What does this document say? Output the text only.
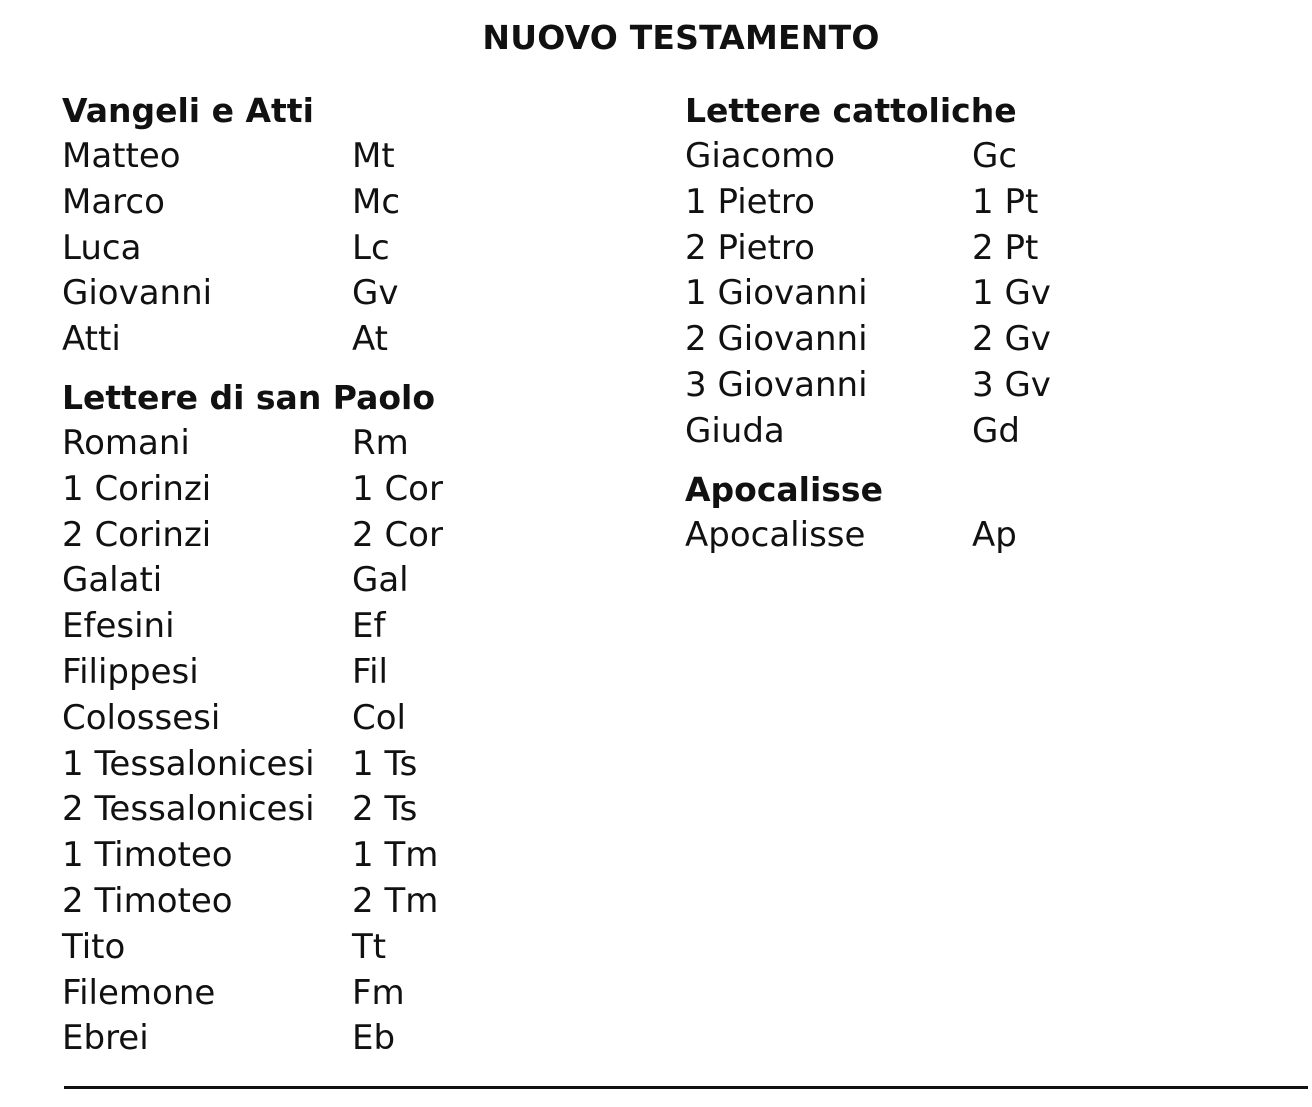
NUOVO TESTAMENTO
Vangeli e Atti
Matteo	Mt
Marco	Mc
Luca	Lc
Giovanni	Gv
Atti	At
Lettere di san Paolo
Romani	Rm
1 Corinzi	1 Cor
2 Corinzi	2 Cor
Galati	Gal
Efesini	Ef
Filippesi	Fil
Colossesi	Col
1 Tessalonicesi	1 Ts
2 Tessalonicesi	2 Ts
1 Timoteo	1 Tm
2 Timoteo	2 Tm
Tito	Tt
Filemone	Fm
Ebrei	Eb
Lettere cattoliche
Giacomo	Gc
1 Pietro	1 Pt
2 Pietro	2 Pt
1 Giovanni	1 Gv
2 Giovanni	2 Gv
3 Giovanni	3 Gv
Giuda	Gd
Apocalisse
Apocalisse	Ap
